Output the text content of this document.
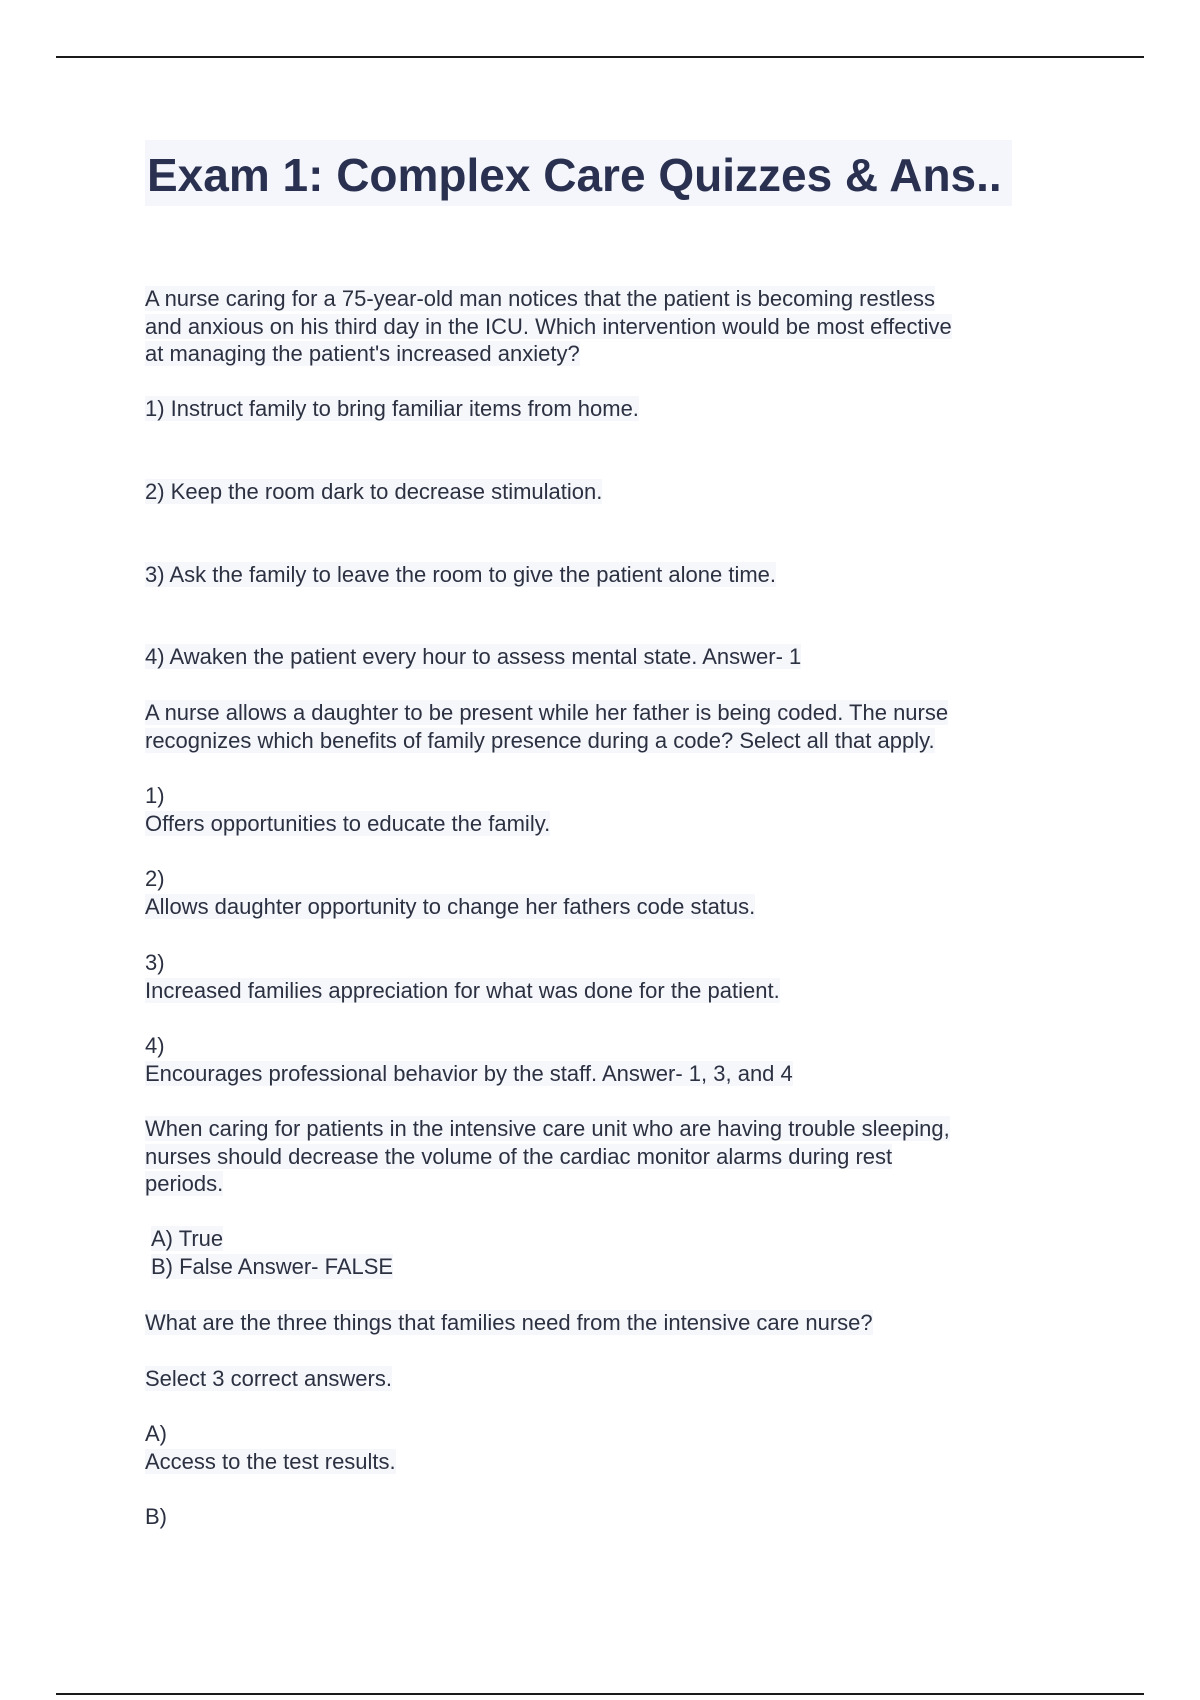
Exam 1: Complex Care Quizzes & Ans..
A nurse caring for a 75-year-old man notices that the patient is becoming restless
and anxious on his third day in the ICU. Which intervention would be most effective
at managing the patient's increased anxiety?
1) Instruct family to bring familiar items from home.
2) Keep the room dark to decrease stimulation.
3) Ask the family to leave the room to give the patient alone time.
4) Awaken the patient every hour to assess mental state. Answer- 1
A nurse allows a daughter to be present while her father is being coded. The nurse
recognizes which benefits of family presence during a code? Select all that apply.
1)
Offers opportunities to educate the family.
2)
Allows daughter opportunity to change her fathers code status.
3)
Increased families appreciation for what was done for the patient.
4)
Encourages professional behavior by the staff. Answer- 1, 3, and 4
When caring for patients in the intensive care unit who are having trouble sleeping,
nurses should decrease the volume of the cardiac monitor alarms during rest
periods.
A) True
B) False Answer- FALSE
What are the three things that families need from the intensive care nurse?
Select 3 correct answers.
A)
Access to the test results.
B)
